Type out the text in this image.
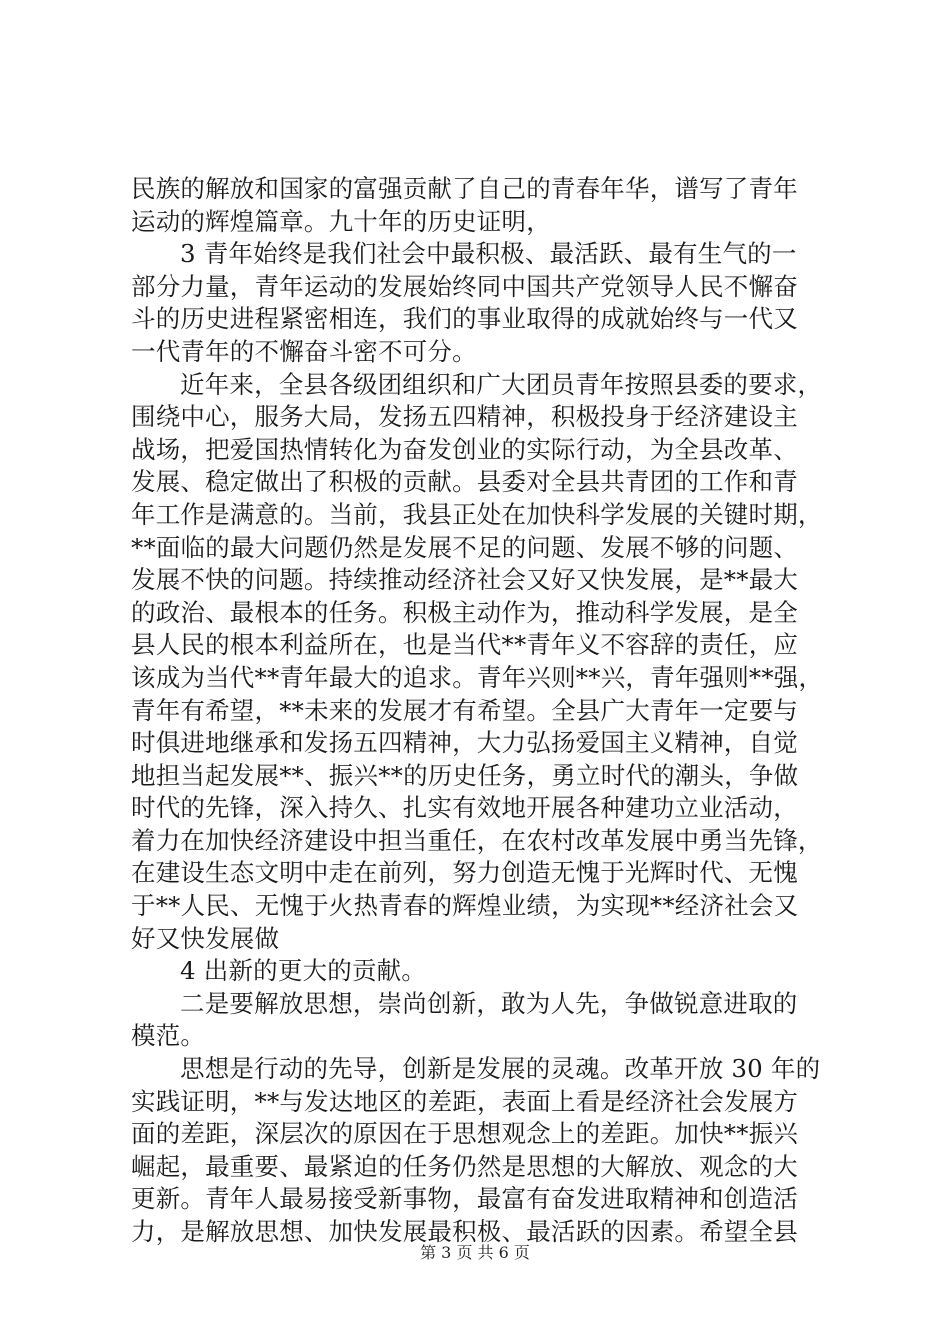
民族的解放和国家的富强贡献了自己的青春年华，谱写了青年
运动的辉煌篇章。九十年的历史证明，
3 青年始终是我们社会中最积极、最活跃、最有生气的一
部分力量，青年运动的发展始终同中国共产党领导人民不懈奋
斗的历史进程紧密相连，我们的事业取得的成就始终与一代又
一代青年的不懈奋斗密不可分。
近年来，全县各级团组织和广大团员青年按照县委的要求，
围绕中心，服务大局，发扬五四精神，积极投身于经济建设主
战场，把爱国热情转化为奋发创业的实际行动，为全县改革、
发展、稳定做出了积极的贡献。县委对全县共青团的工作和青
年工作是满意的。当前，我县正处在加快科学发展的关键时期，
**面临的最大问题仍然是发展不足的问题、发展不够的问题、
发展不快的问题。持续推动经济社会又好又快发展，是**最大
的政治、最根本的任务。积极主动作为，推动科学发展，是全
县人民的根本利益所在，也是当代**青年义不容辞的责任，应
该成为当代**青年最大的追求。青年兴则**兴，青年强则**强，
青年有希望，**未来的发展才有希望。全县广大青年一定要与
时俱进地继承和发扬五四精神，大力弘扬爱国主义精神，自觉
地担当起发展**、振兴**的历史任务，勇立时代的潮头，争做
时代的先锋，深入持久、扎实有效地开展各种建功立业活动，
着力在加快经济建设中担当重任，在农村改革发展中勇当先锋，
在建设生态文明中走在前列，努力创造无愧于光辉时代、无愧
于**人民、无愧于火热青春的辉煌业绩，为实现**经济社会又
好又快发展做
4 出新的更大的贡献。
二是要解放思想，崇尚创新，敢为人先，争做锐意进取的
模范。
思想是行动的先导，创新是发展的灵魂。改革开放 30 年的
实践证明，**与发达地区的差距，表面上看是经济社会发展方
面的差距，深层次的原因在于思想观念上的差距。加快**振兴
崛起，最重要、最紧迫的任务仍然是思想的大解放、观念的大
更新。青年人最易接受新事物，最富有奋发进取精神和创造活
力，是解放思想、加快发展最积极、最活跃的因素。希望全县
第 3 页 共 6 页
